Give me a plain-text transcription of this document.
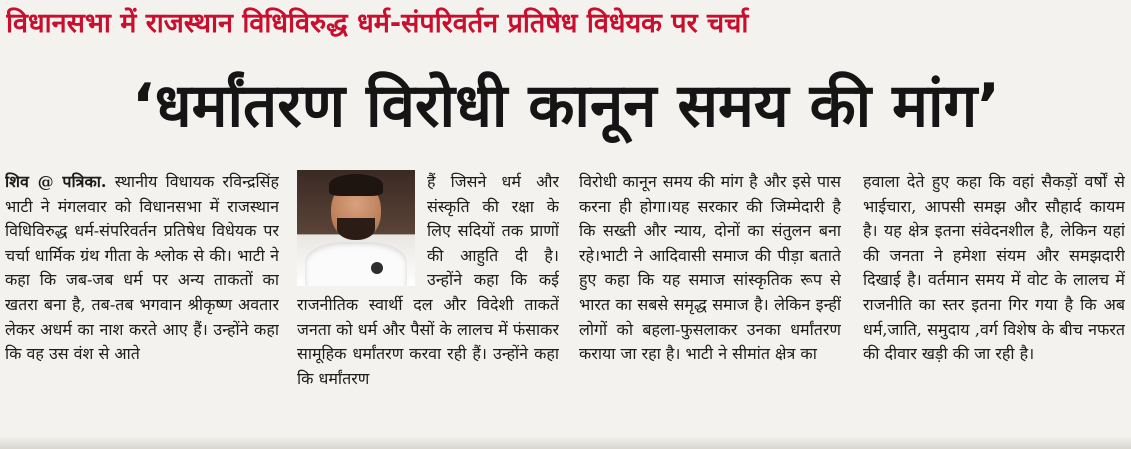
विधानसभा में राजस्थान विधिविरुद्ध धर्म-संपरिवर्तन प्रतिषेध विधेयक पर चर्चा
‘धर्मांतरण विरोधी कानून समय की मांग’
शिव @ पत्रिका. स्थानीय विधायक रविन्द्रसिंह भाटी ने मंगलवार को विधानसभा में राजस्थान विधिविरुद्ध धर्म-संपरिवर्तन प्रतिषेध विधेयक पर चर्चा धार्मिक ग्रंथ गीता के श्लोक से की। भाटी ने कहा कि जब-जब धर्म पर अन्य ताकतों का खतरा बना है, तब-तब भगवान श्रीकृष्ण अवतार लेकर अधर्म का नाश करते आए हैं। उन्होंने कहा कि वह उस वंश से आते
हैं जिसने धर्म और संस्कृति की रक्षा के लिए सदियों तक प्राणों की आहुति दी है। उन्होंने कहा कि कई राजनीतिक स्वार्थी दल और विदेशी ताकतें जनता को धर्म और पैसों के लालच में फंसाकर सामूहिक धर्मांतरण करवा रही हैं। उन्होंने कहा कि धर्मांतरण
विरोधी कानून समय की मांग है और इसे पास करना ही होगा।यह सरकार की जिम्मेदारी है कि सख्ती और न्याय, दोनों का संतुलन बना रहे।भाटी ने आदिवासी समाज की पीड़ा बताते हुए कहा कि यह समाज सांस्कृतिक रूप से भारत का सबसे समृद्ध समाज है। लेकिन इन्हीं लोगों को बहला-फुसलाकर उनका धर्मांतरण कराया जा रहा है। भाटी ने सीमांत क्षेत्र का
हवाला देते हुए कहा कि वहां सैकड़ों वर्षों से भाईचारा, आपसी समझ और सौहार्द कायम है। यह क्षेत्र इतना संवेदनशील है, लेकिन यहां की जनता ने हमेशा संयम और समझदारी दिखाई है। वर्तमान समय में वोट के लालच में राजनीति का स्तर इतना गिर गया है कि अब धर्म,जाति, समुदाय ,वर्ग विशेष के बीच नफरत की दीवार खड़ी की जा रही है।
